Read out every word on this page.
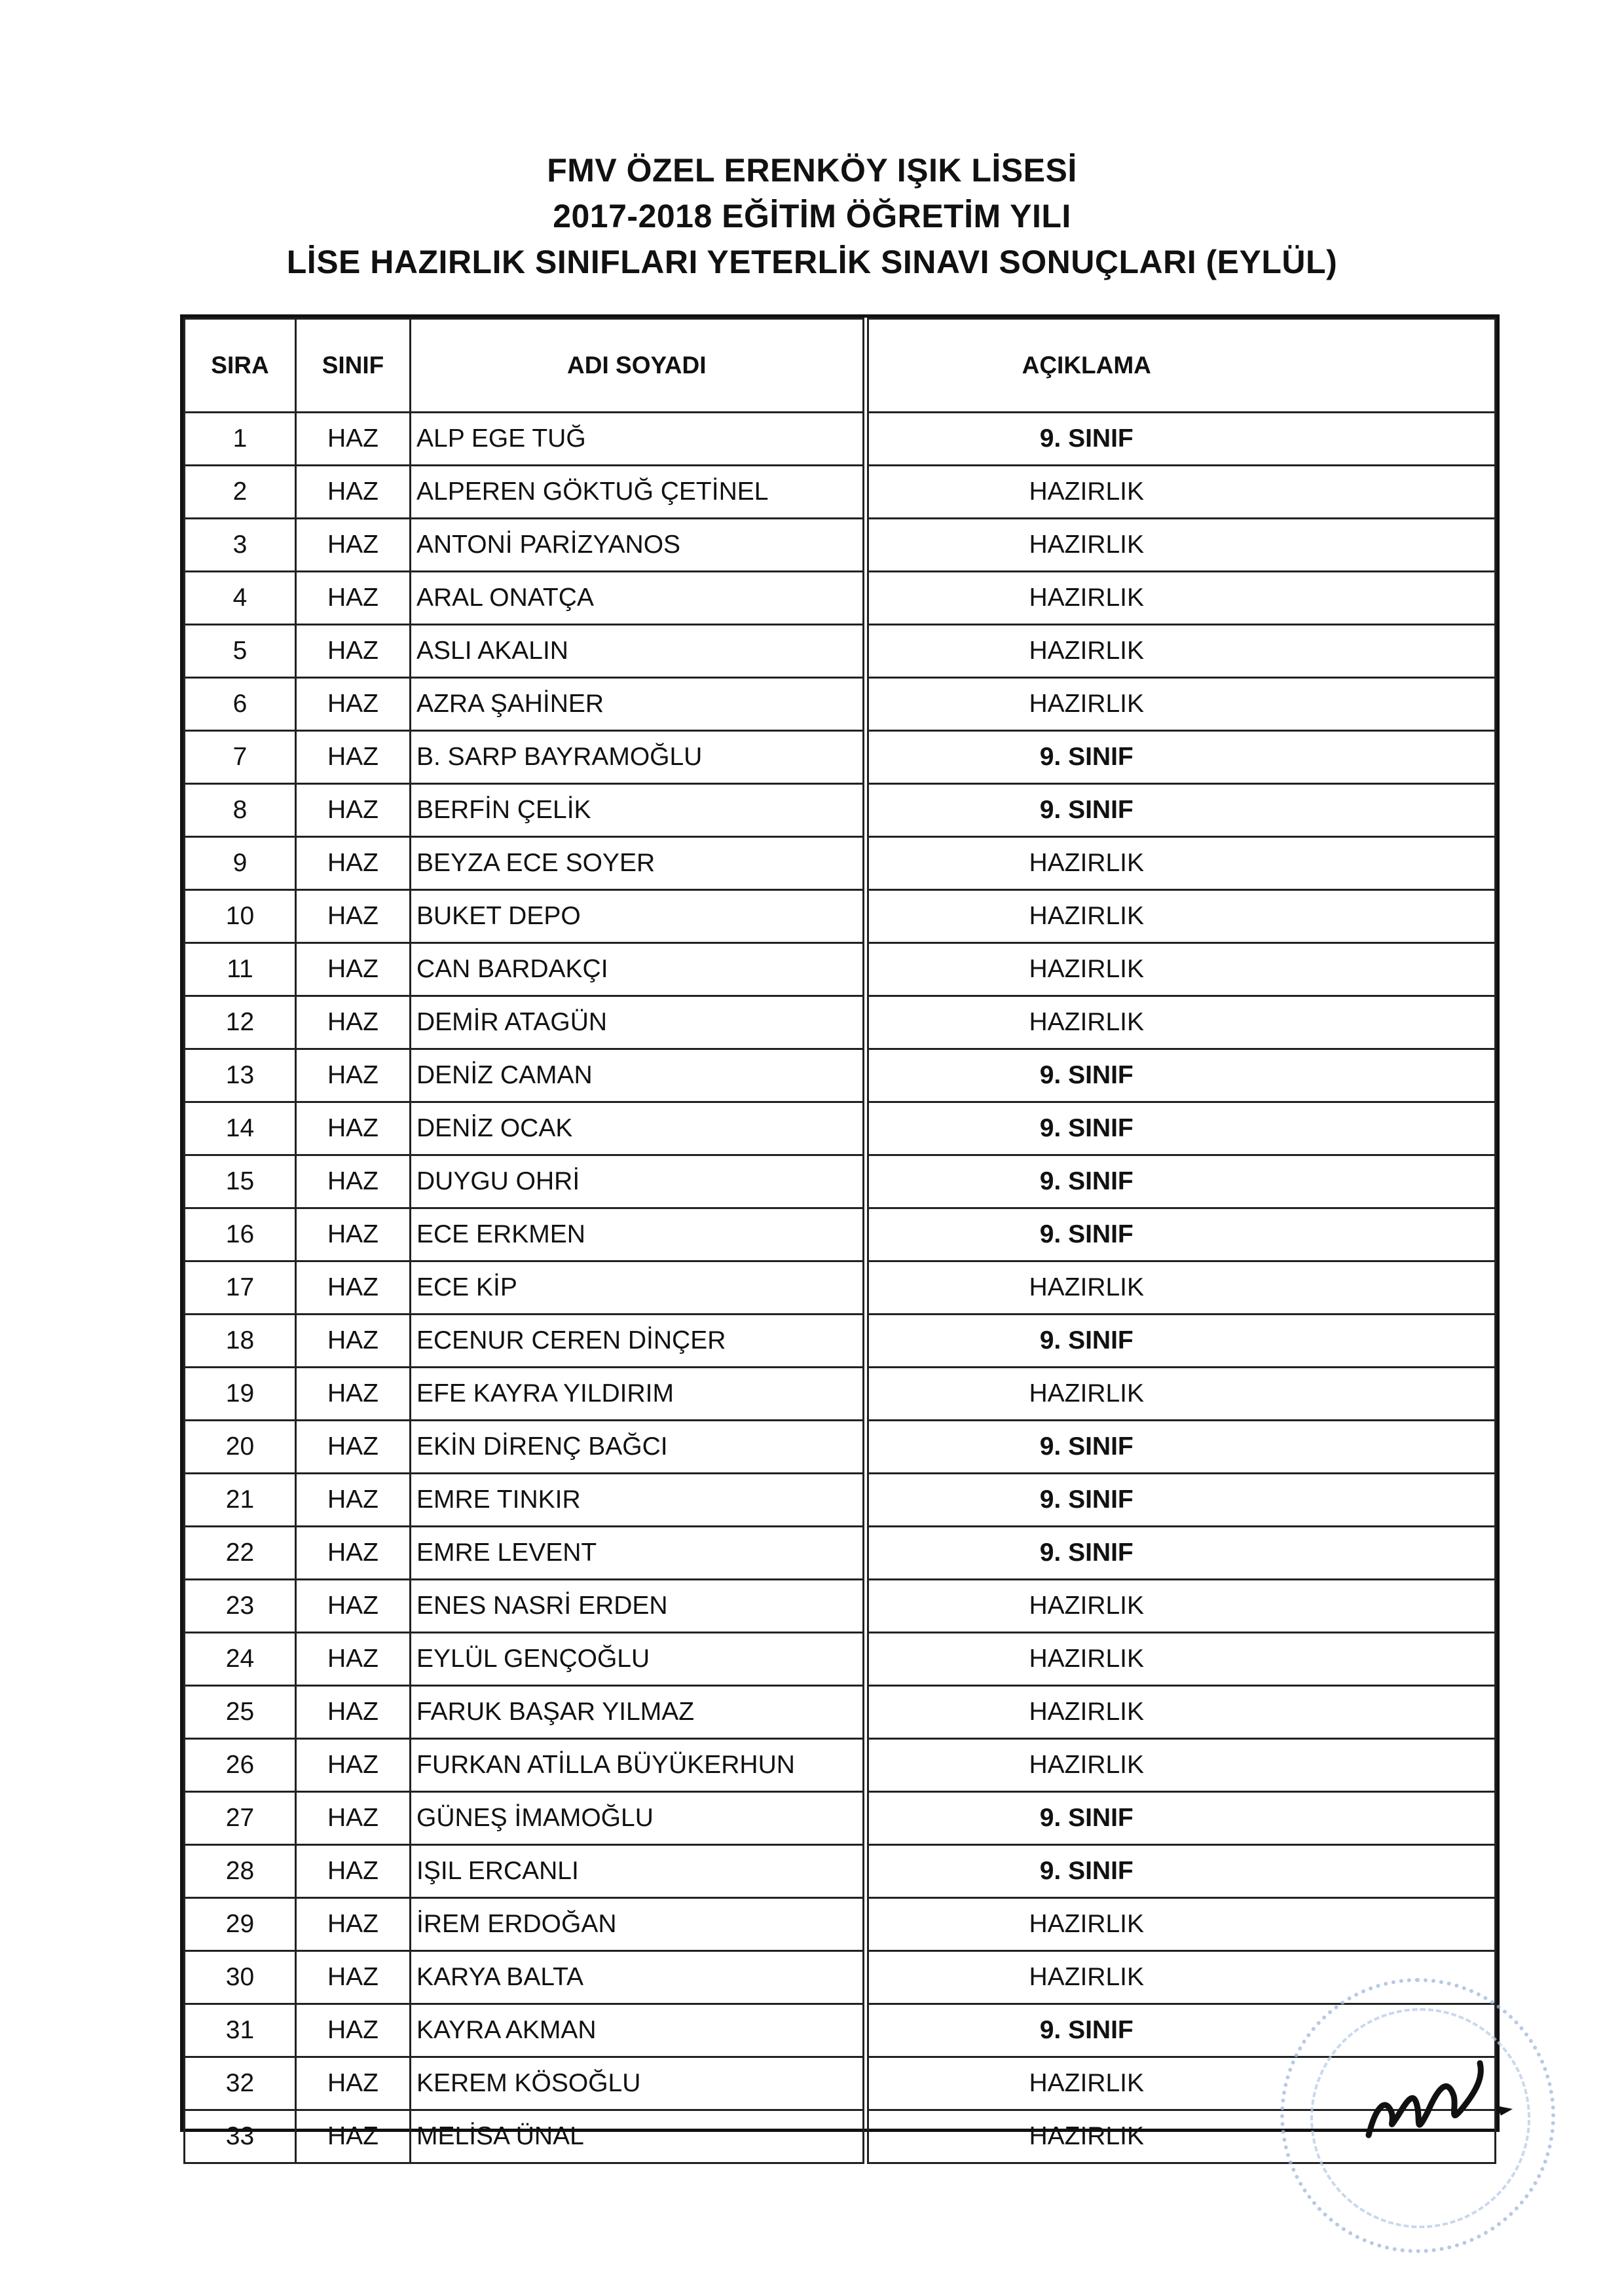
FMV ÖZEL ERENKÖY IŞIK LİSESİ
2017-2018 EĞİTİM ÖĞRETİM YILI
LİSE HAZIRLIK SINIFLARI YETERLİK SINAVI SONUÇLARI (EYLÜL)
SIRA	SINIF	ADI SOYADI	AÇIKLAMA
1	HAZ	ALP EGE TUĞ	9. SINIF
2	HAZ	ALPEREN GÖKTUĞ ÇETİNEL	HAZIRLIK
3	HAZ	ANTONİ PARİZYANOS	HAZIRLIK
4	HAZ	ARAL ONATÇA	HAZIRLIK
5	HAZ	ASLI AKALIN	HAZIRLIK
6	HAZ	AZRA ŞAHİNER	HAZIRLIK
7	HAZ	B. SARP BAYRAMOĞLU	9. SINIF
8	HAZ	BERFİN ÇELİK	9. SINIF
9	HAZ	BEYZA ECE SOYER	HAZIRLIK
10	HAZ	BUKET DEPO	HAZIRLIK
11	HAZ	CAN BARDAKÇI	HAZIRLIK
12	HAZ	DEMİR ATAGÜN	HAZIRLIK
13	HAZ	DENİZ CAMAN	9. SINIF
14	HAZ	DENİZ OCAK	9. SINIF
15	HAZ	DUYGU OHRİ	9. SINIF
16	HAZ	ECE ERKMEN	9. SINIF
17	HAZ	ECE KİP	HAZIRLIK
18	HAZ	ECENUR CEREN DİNÇER	9. SINIF
19	HAZ	EFE KAYRA YILDIRIM	HAZIRLIK
20	HAZ	EKİN DİRENÇ BAĞCI	9. SINIF
21	HAZ	EMRE TINKIR	9. SINIF
22	HAZ	EMRE LEVENT	9. SINIF
23	HAZ	ENES NASRİ ERDEN	HAZIRLIK
24	HAZ	EYLÜL GENÇOĞLU	HAZIRLIK
25	HAZ	FARUK BAŞAR YILMAZ	HAZIRLIK
26	HAZ	FURKAN ATİLLA BÜYÜKERHUN	HAZIRLIK
27	HAZ	GÜNEŞ İMAMOĞLU	9. SINIF
28	HAZ	IŞIL ERCANLI	9. SINIF
29	HAZ	İREM ERDOĞAN	HAZIRLIK
30	HAZ	KARYA BALTA	HAZIRLIK
31	HAZ	KAYRA AKMAN	9. SINIF
32	HAZ	KEREM KÖSOĞLU	HAZIRLIK
33	HAZ	MELİSA ÜNAL	HAZIRLIK
